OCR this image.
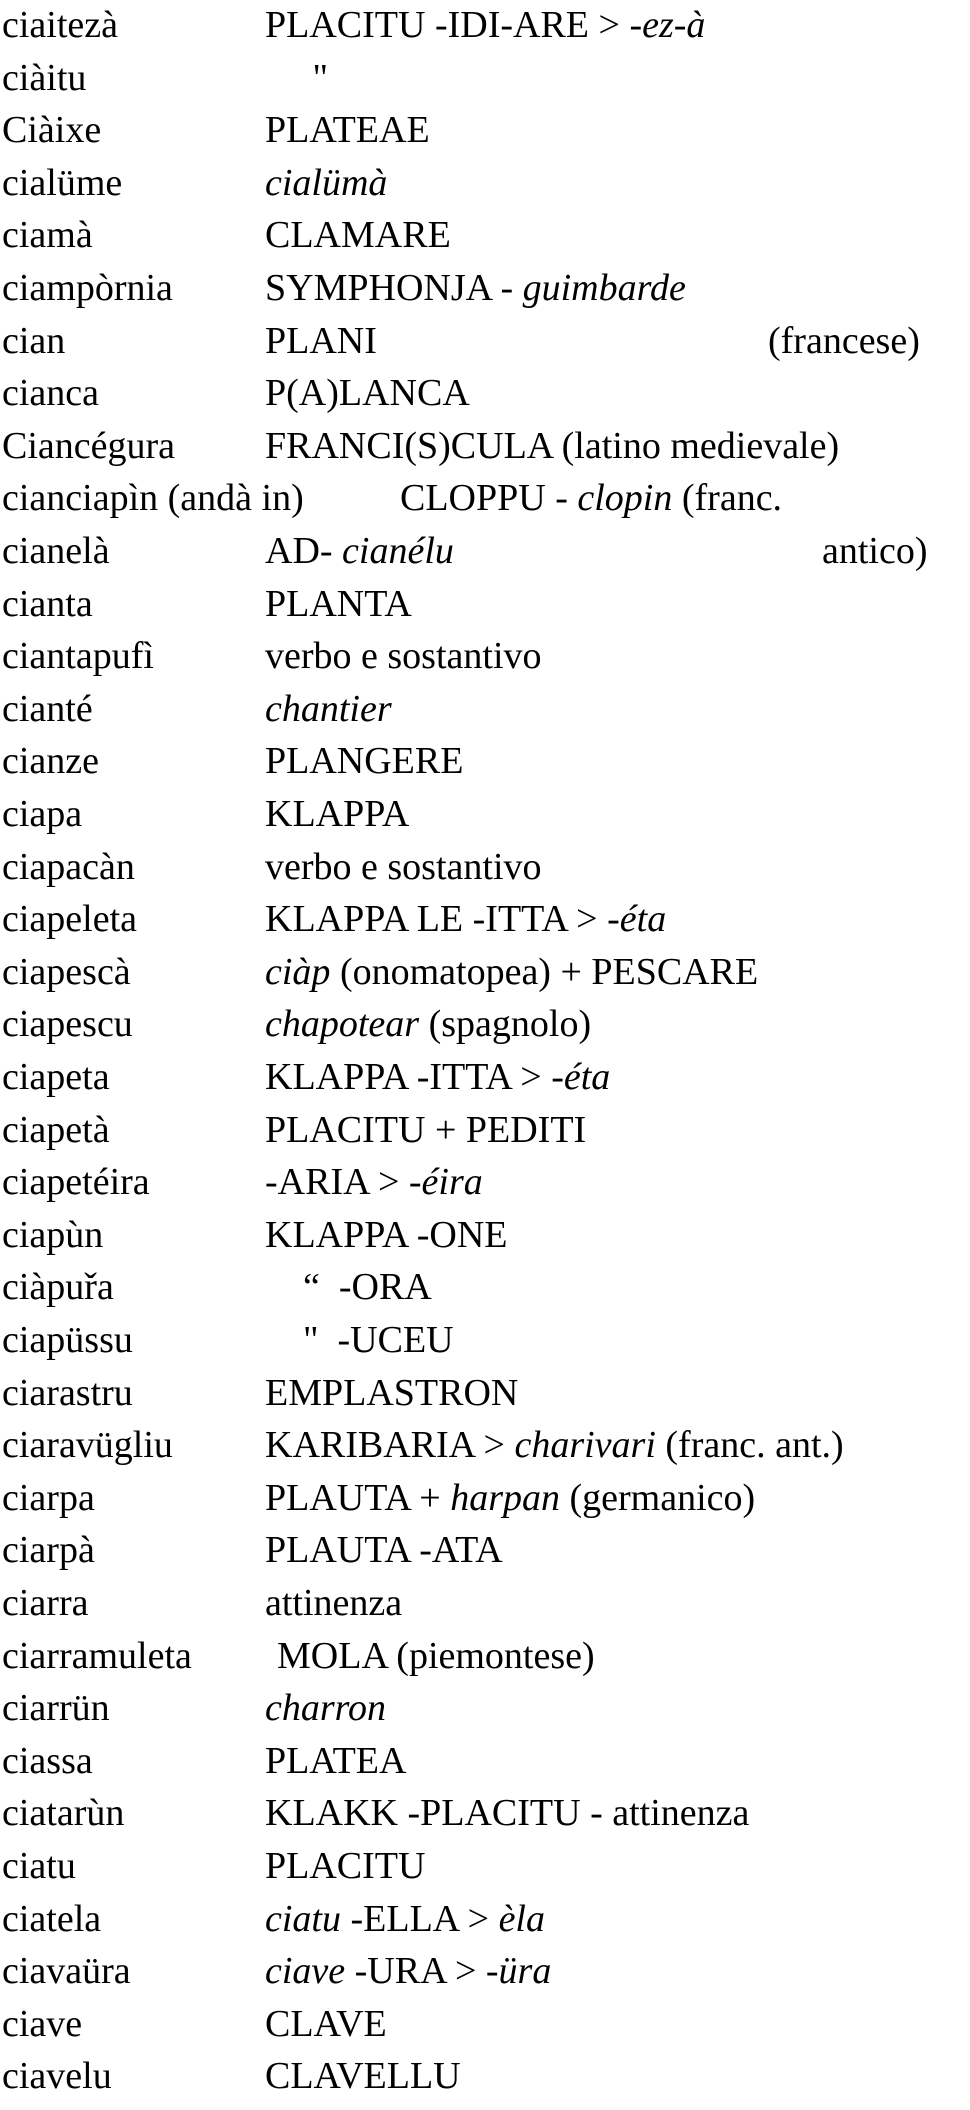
ciaitezà	PLACITU -IDI-ARE > -ez-à
ciàitu	"
Ciàixe	PLATEAE
cialüme	cialümà
ciamà	CLAMARE
ciampòrnia SYMPHONJA - guimbarde
cian	PLANI	(francese)
cianca	P(A)LANCA
Ciancégura FRANCI(S)CULA (latino medievale)
cianciapìn (andà in)	CLOPPU - clopin (franc.
cianelà	AD- cianélu	antico)
cianta	PLANTA
ciantapufì	verbo e sostantivo
cianté	chantier
cianze	PLANGERE
ciapa	KLAPPA
ciapacàn	verbo e sostantivo
ciapeleta	KLAPPA LE -ITTA > -éta
ciapescà	ciàp (onomatopea) + PESCARE
ciapescu	chapotear (spagnolo)
ciapeta	KLAPPA -ITTA > -éta
ciapetà	PLACITU + PEDITI
ciapetéira	-ARIA > -éira
ciapùn	KLAPPA -ONE
ciàpuřa	“  -ORA
ciapüssu	"  -UCEU
ciarastru	EMPLASTRON
ciaravügliu KARIBARIA > charivari (franc. ant.)
ciarpa	PLAUTA + harpan (germanico)
ciarpà	PLAUTA -ATA
ciarra	attinenza
ciarramuleta MOLA (piemontese)
ciarrün	charron
ciassa	PLATEA
ciatarùn	KLAKK -PLACITU - attinenza
ciatu	PLACITU
ciatela	ciatu -ELLA > èla
ciavaüra	ciave -URA > -üra
ciave	CLAVE
ciavelu	CLAVELLU
